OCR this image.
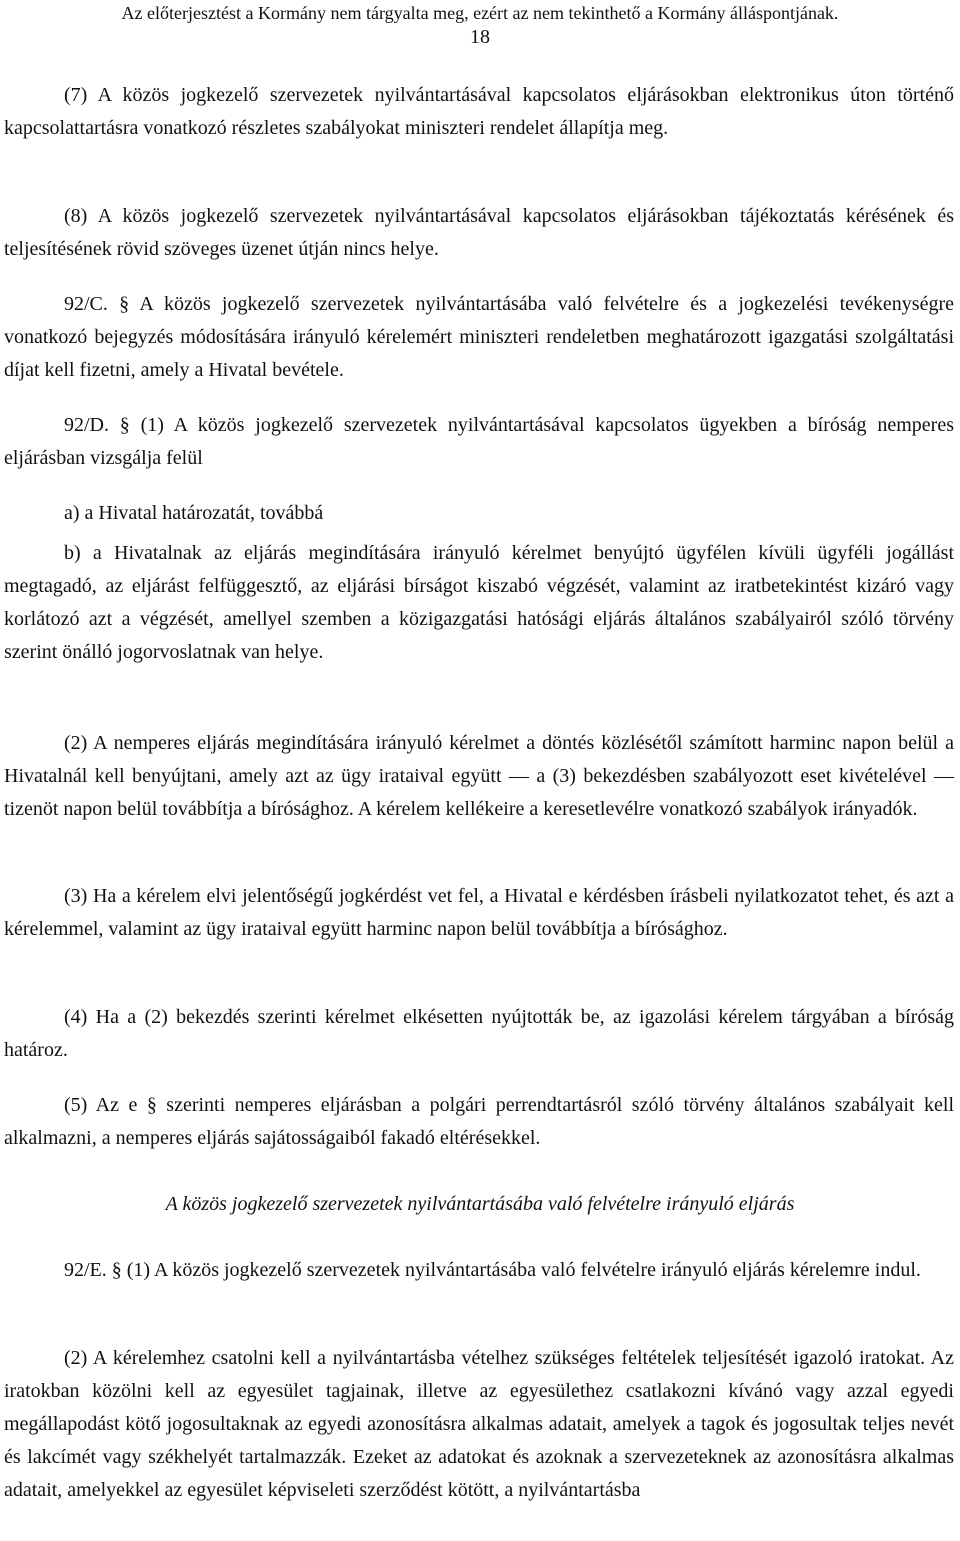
Az előterjesztést a Kormány nem tárgyalta meg, ezért az nem tekinthető a Kormány álláspontjának.
18

(7) A közös jogkezelő szervezetek nyilvántartásával kapcsolatos eljárásokban elektronikus úton történő kapcsolattartásra vonatkozó részletes szabályokat miniszteri rendelet állapítja meg.

(8) A közös jogkezelő szervezetek nyilvántartásával kapcsolatos eljárásokban tájékoztatás kérésének és teljesítésének rövid szöveges üzenet útján nincs helye.

92/C. § A közös jogkezelő szervezetek nyilvántartásába való felvételre és a jogkezelési tevékenységre vonatkozó bejegyzés módosítására irányuló kérelemért miniszteri rendeletben meghatározott igazgatási szolgáltatási díjat kell fizetni, amely a Hivatal bevétele.

92/D. § (1) A közös jogkezelő szervezetek nyilvántartásával kapcsolatos ügyekben a bíróság nemperes eljárásban vizsgálja felül

a) a Hivatal határozatát, továbbá

b) a Hivatalnak az eljárás megindítására irányuló kérelmet benyújtó ügyfélen kívüli ügyféli jogállást megtagadó, az eljárást felfüggesztő, az eljárási bírságot kiszabó végzését, valamint az iratbetekintést kizáró vagy korlátozó azt a végzését, amellyel szemben a közigazgatási hatósági eljárás általános szabályairól szóló törvény szerint önálló jogorvoslatnak van helye.

(2) A nemperes eljárás megindítására irányuló kérelmet a döntés közlésétől számított harminc napon belül a Hivatalnál kell benyújtani, amely azt az ügy irataival együtt ― a (3) bekezdésben szabályozott eset kivételével ― tizenöt napon belül továbbítja a bírósághoz. A kérelem kellékeire a keresetlevélre vonatkozó szabályok irányadók.

(3) Ha a kérelem elvi jelentőségű jogkérdést vet fel, a Hivatal e kérdésben írásbeli nyilatkozatot tehet, és azt a kérelemmel, valamint az ügy irataival együtt harminc napon belül továbbítja a bírósághoz.

(4) Ha a (2) bekezdés szerinti kérelmet elkésetten nyújtották be, az igazolási kérelem tárgyában a bíróság határoz.

(5) Az e § szerinti nemperes eljárásban a polgári perrendtartásról szóló törvény általános szabályait kell alkalmazni, a nemperes eljárás sajátosságaiból fakadó eltérésekkel.

A közös jogkezelő szervezetek nyilvántartásába való felvételre irányuló eljárás

92/E. § (1) A közös jogkezelő szervezetek nyilvántartásába való felvételre irányuló eljárás kérelemre indul.

(2) A kérelemhez csatolni kell a nyilvántartásba vételhez szükséges feltételek teljesítését igazoló iratokat. Az iratokban közölni kell az egyesület tagjainak, illetve az egyesülethez csatlakozni kívánó vagy azzal egyedi megállapodást kötő jogosultaknak az egyedi azonosításra alkalmas adatait, amelyek a tagok és jogosultak teljes nevét és lakcímét vagy székhelyét tartalmazzák. Ezeket az adatokat és azoknak a szervezeteknek az azonosításra alkalmas adatait, amelyekkel az egyesület képviseleti szerződést kötött, a nyilvántartásba
